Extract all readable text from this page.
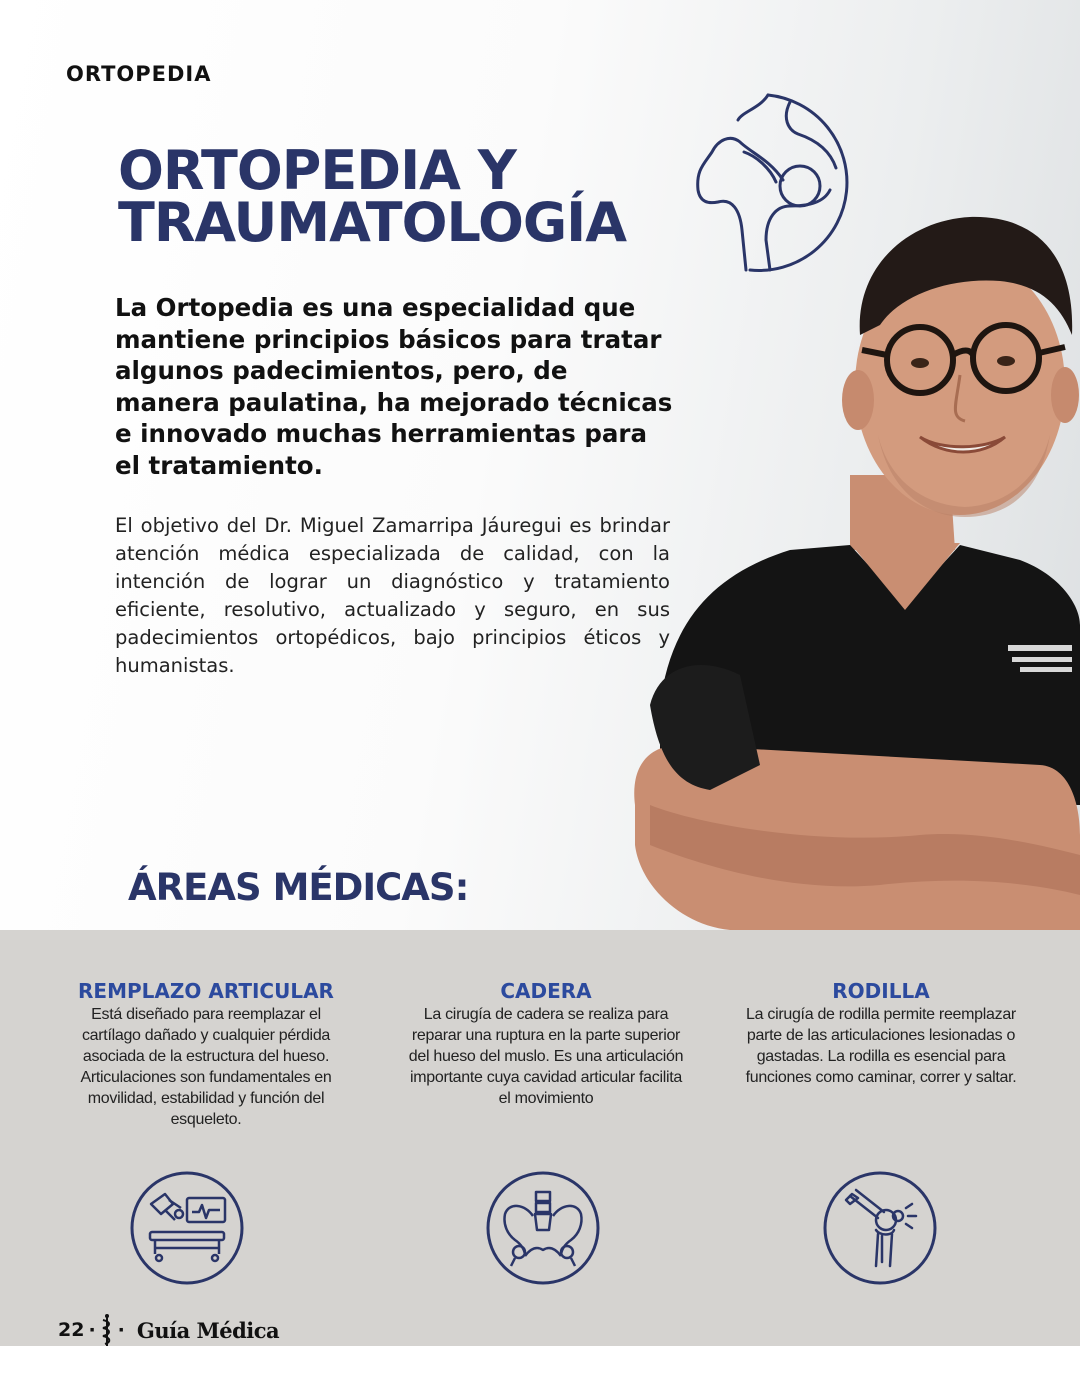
ORTOPEDIA
ORTOPEDIA Y
TRAUMATOLOGÍA
La Ortopedia es una especialidad que mantiene principios básicos para tratar algunos padecimientos, pero, de manera paulatina, ha mejorado técnicas e innovado muchas herramientas para el tratamiento.
El objetivo del Dr. Miguel Zamarripa Jáuregui es brindar atención médica especializada de calidad, con la intención de lograr un diagnóstico y tratamiento eficiente, resolutivo, actualizado y seguro, en sus padecimientos ortopédicos, bajo principios éticos y humanistas.
ÁREAS MÉDICAS:
REMPLAZO ARTICULAR

Está diseñado para reemplazar el cartílago dañado y cualquier pérdida asociada de la estructura del hueso. Articulaciones son fundamentales en movilidad, estabilidad y función del esqueleto.

CADERA

La cirugía de cadera se realiza para reparar una ruptura en la parte superior del hueso del muslo. Es una articulación importante cuya cavidad articular facilita el movimiento

RODILLA

La cirugía de rodilla permite reemplazar parte de las articulaciones lesionadas o gastadas. La rodilla es esencial para funciones como caminar, correr y saltar.

22 · · Guía Médica
